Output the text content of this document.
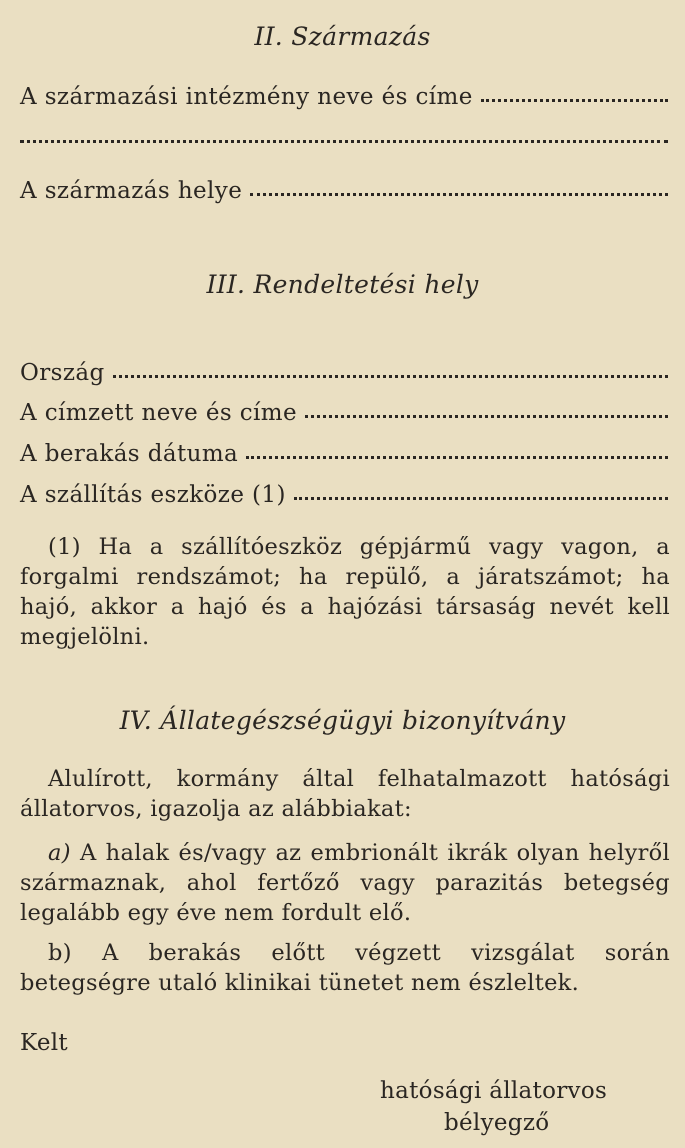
II. Származás
A származási intézmény neve és címe
A származás helye
III. Rendeltetési hely
Ország
A címzett neve és címe
A berakás dátuma
A szállítás eszköze (1)
(1) Ha a szállítóeszköz gépjármű vagy vagon, a forgalmi rendszámot; ha repülő, a járatszámot; ha hajó, akkor a hajó és a hajózási társaság nevét kell megjelölni.
IV. Állategészségügyi bizonyítvány
Alulírott, kormány által felhatalmazott hatósági állatorvos, igazolja az alábbiakat:
a) A halak és/vagy az embrionált ikrák olyan helyről származnak, ahol fertőző vagy parazitás betegség legalább egy éve nem fordult elő.
b) A berakás előtt végzett vizsgálat során betegségre utaló klinikai tünetet nem észleltek.
Kelt
hatósági állatorvos
bélyegző
